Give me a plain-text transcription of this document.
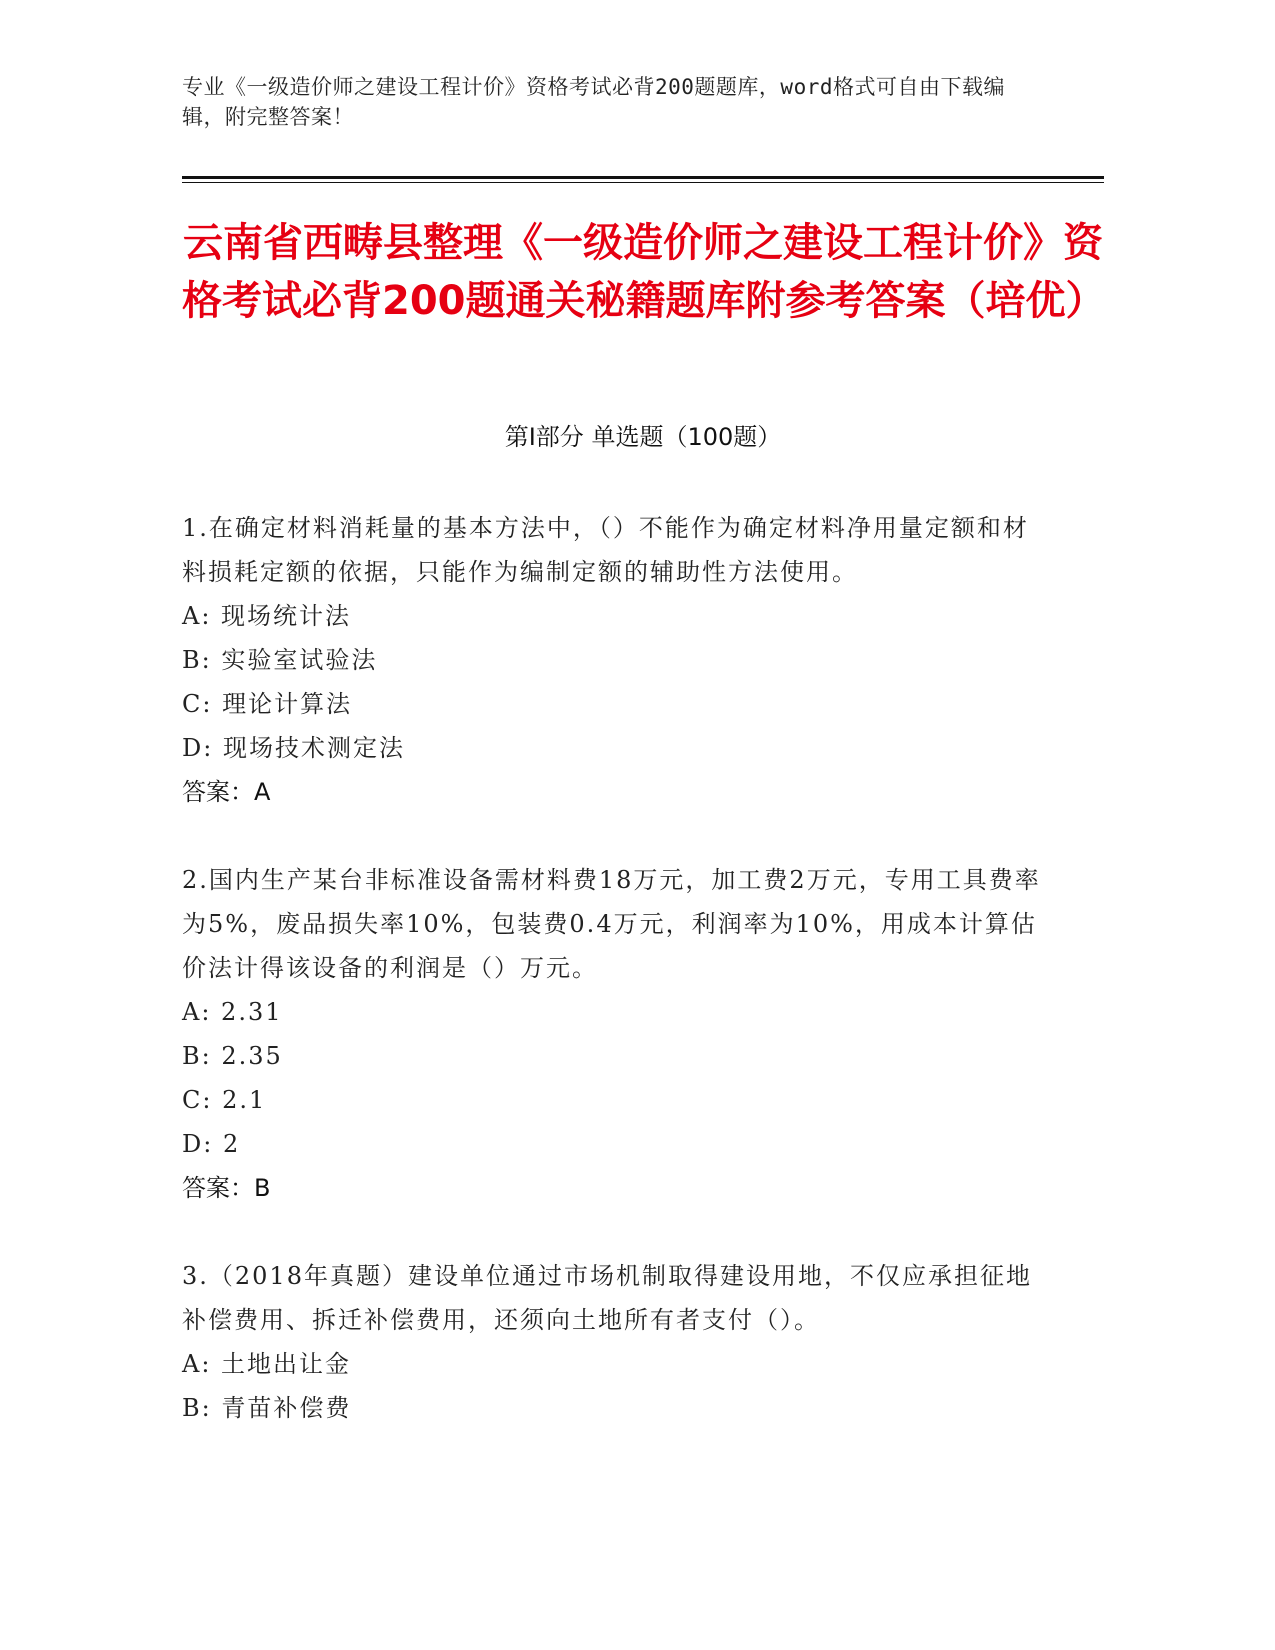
专业《一级造价师之建设工程计价》资格考试必背200题题库，word格式可自由下载编辑，附完整答案！
云南省西畴县整理《一级造价师之建设工程计价》资格考试必背200题通关秘籍题库附参考答案（培优）
第I部分 单选题（100题）
1.在确定材料消耗量的基本方法中，（）不能作为确定材料净用量定额和材料损耗定额的依据，只能作为编制定额的辅助性方法使用。
A: 现场统计法
B: 实验室试验法
C: 理论计算法
D: 现场技术测定法
答案：A
2.国内生产某台非标准设备需材料费18万元，加工费2万元，专用工具费率为5%，废品损失率10%，包装费0.4万元，利润率为10%，用成本计算估价法计得该设备的利润是（）万元。
A: 2.31
B: 2.35
C: 2.1
D: 2
答案：B
3.（2018年真题）建设单位通过市场机制取得建设用地，不仅应承担征地补偿费用、拆迁补偿费用，还须向土地所有者支付（）。
A: 土地出让金
B: 青苗补偿费
